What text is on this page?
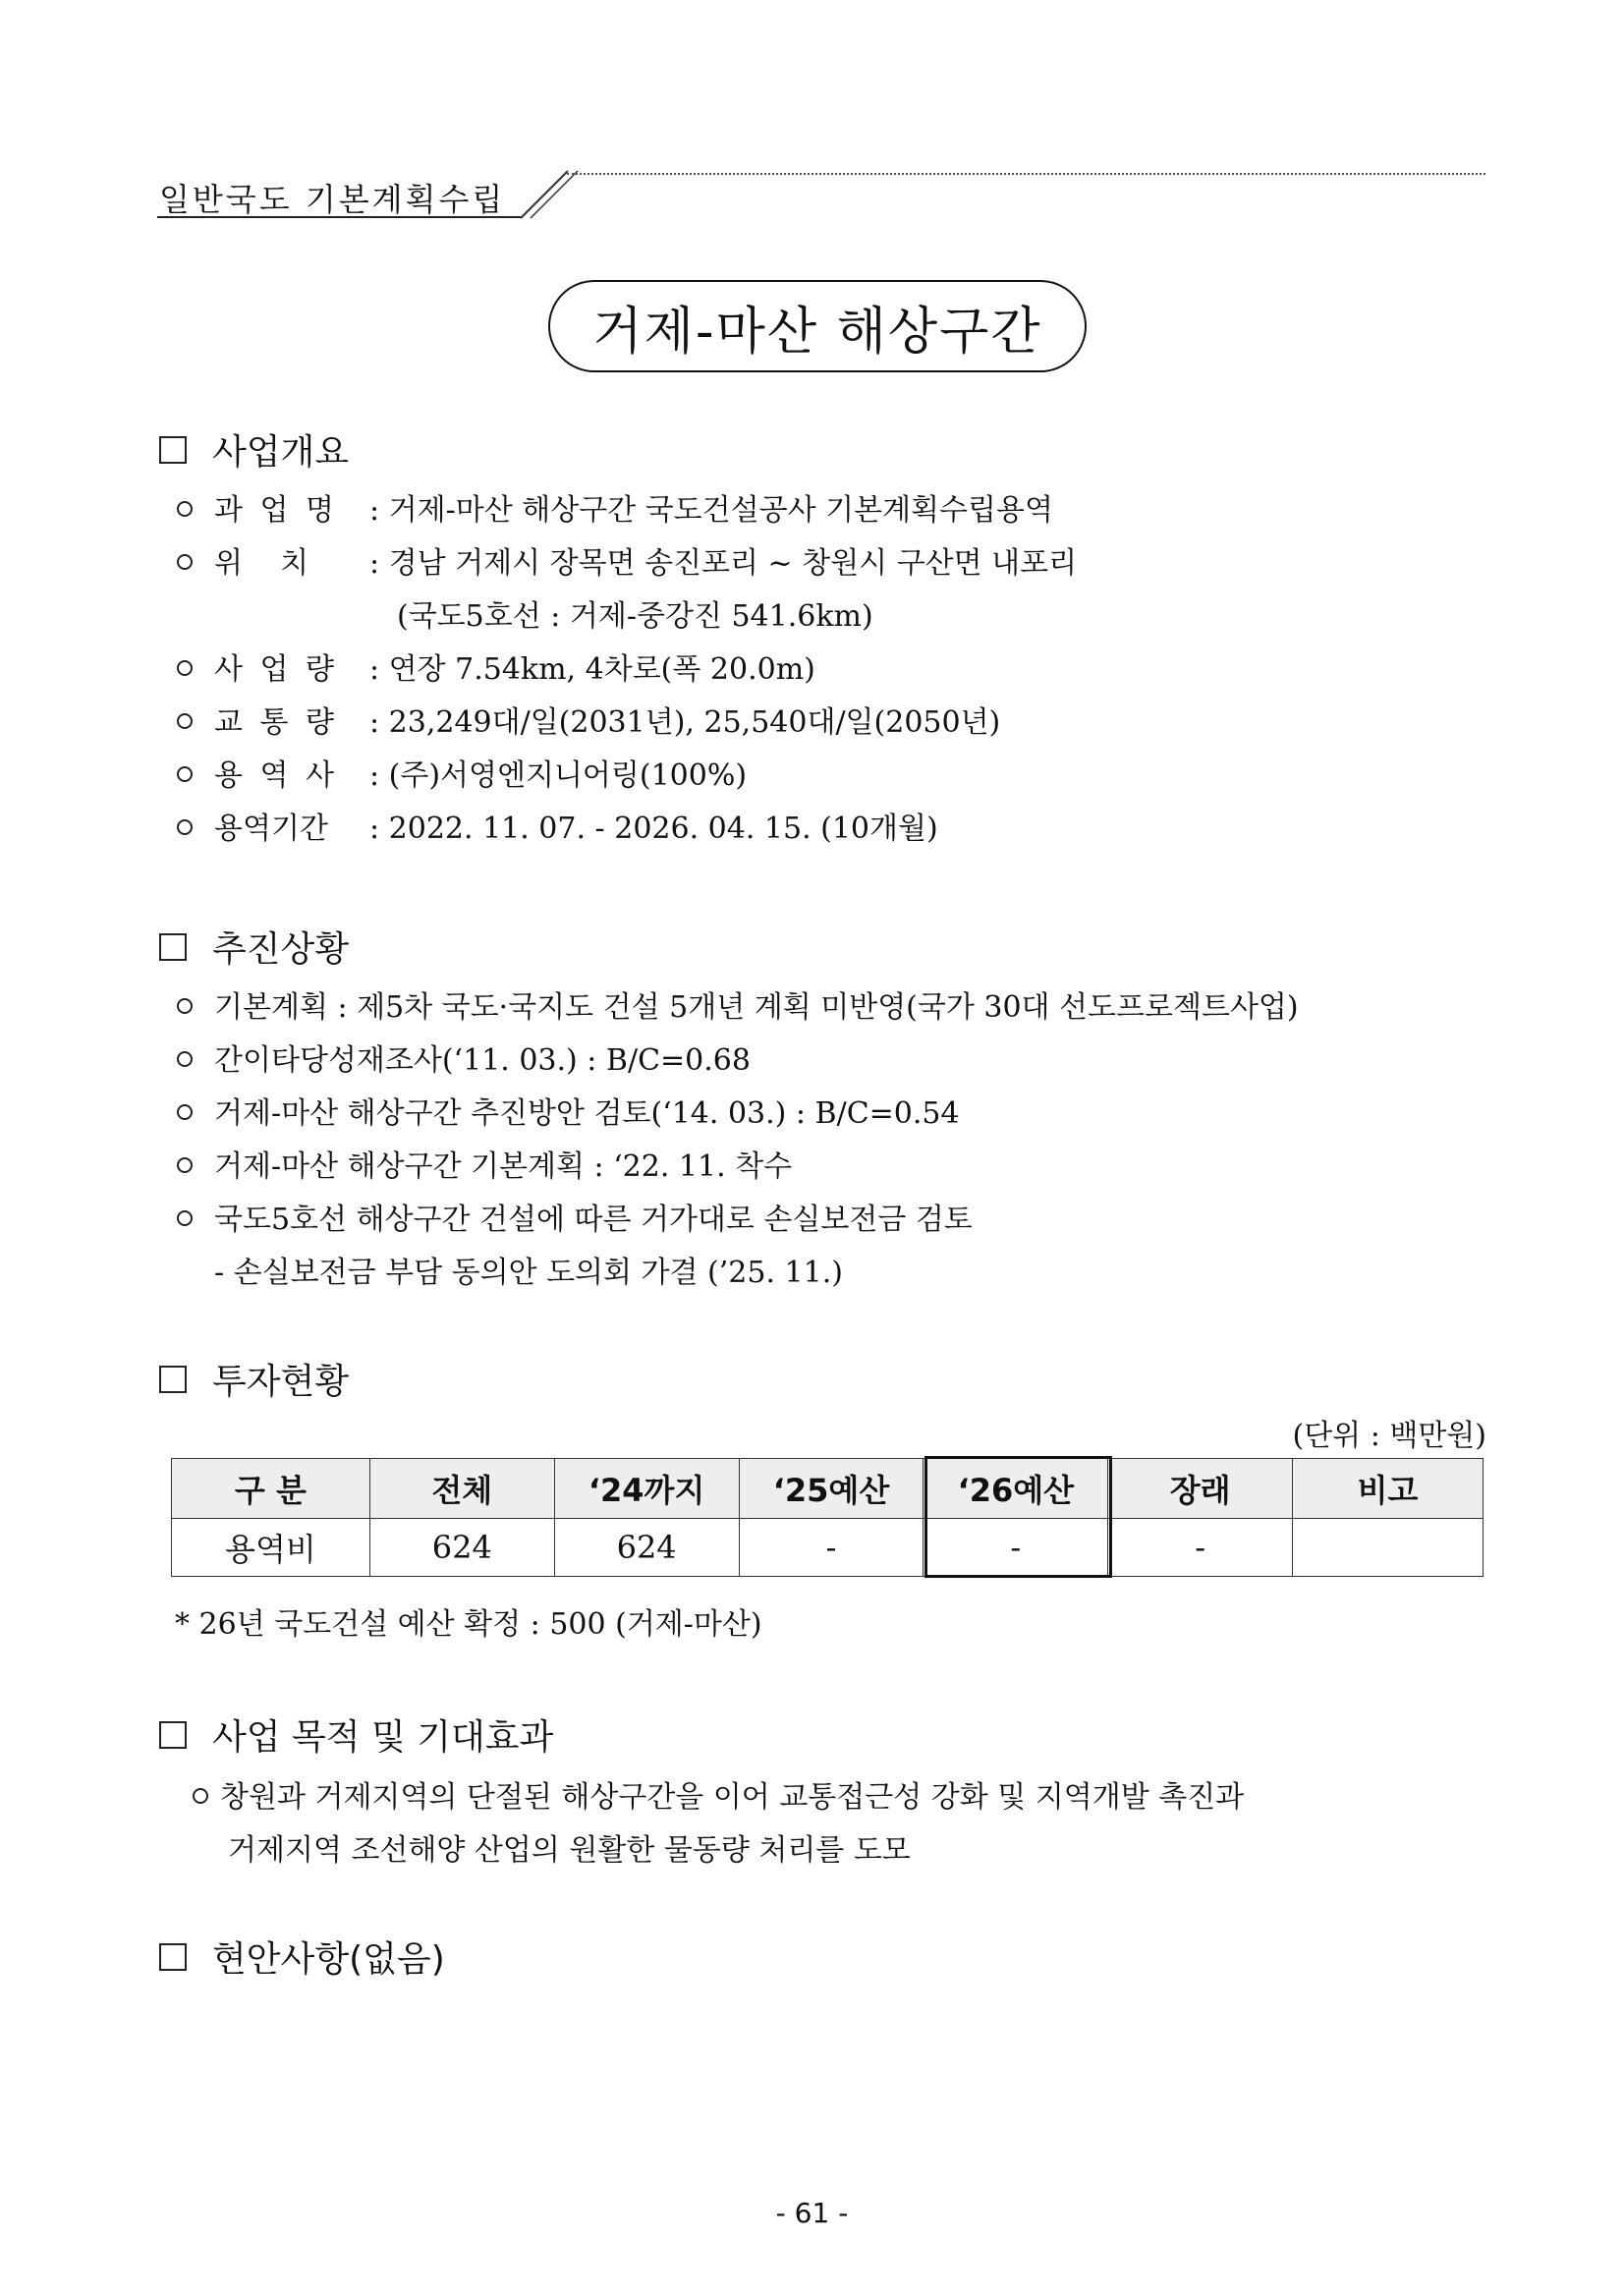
일반국도 기본계획수립
거제-마산 해상구간
사업개요
과 업 명 : 거제-마산 해상구간 국도건설공사 기본계획수립용역
위    치 : 경남 거제시 장목면 송진포리 ~ 창원시 구산면 내포리
(국도5호선 : 거제-중강진 541.6km)
사 업 량 : 연장 7.54km, 4차로(폭 20.0m)
교 통 량 : 23,249대/일(2031년), 25,540대/일(2050년)
용 역 사 : (주)서영엔지니어링(100%)
용역기간 : 2022. 11. 07. - 2026. 04. 15. (10개월)
추진상황
기본계획 : 제5차 국도·국지도 건설 5개년 계획 미반영(국가 30대 선도프로젝트사업)
간이타당성재조사(‘11. 03.) : B/C=0.68
거제-마산 해상구간 추진방안 검토(‘14. 03.) : B/C=0.54
거제-마산 해상구간 기본계획 : ‘22. 11. 착수
국도5호선 해상구간 건설에 따른 거가대로 손실보전금 검토
- 손실보전금 부담 동의안 도의회 가결 (’25. 11.)
투자현황
(단위 : 백만원)
구 분	전체	‘24까지	‘25예산	‘26예산	장래	비고
용역비	624	624	-	-	-	
* 26년 국도건설 예산 확정 : 500 (거제-마산)
사업 목적 및 기대효과
창원과 거제지역의 단절된 해상구간을 이어 교통접근성 강화 및 지역개발 촉진과
거제지역 조선해양 산업의 원활한 물동량 처리를 도모
현안사항(없음)
- 61 -
